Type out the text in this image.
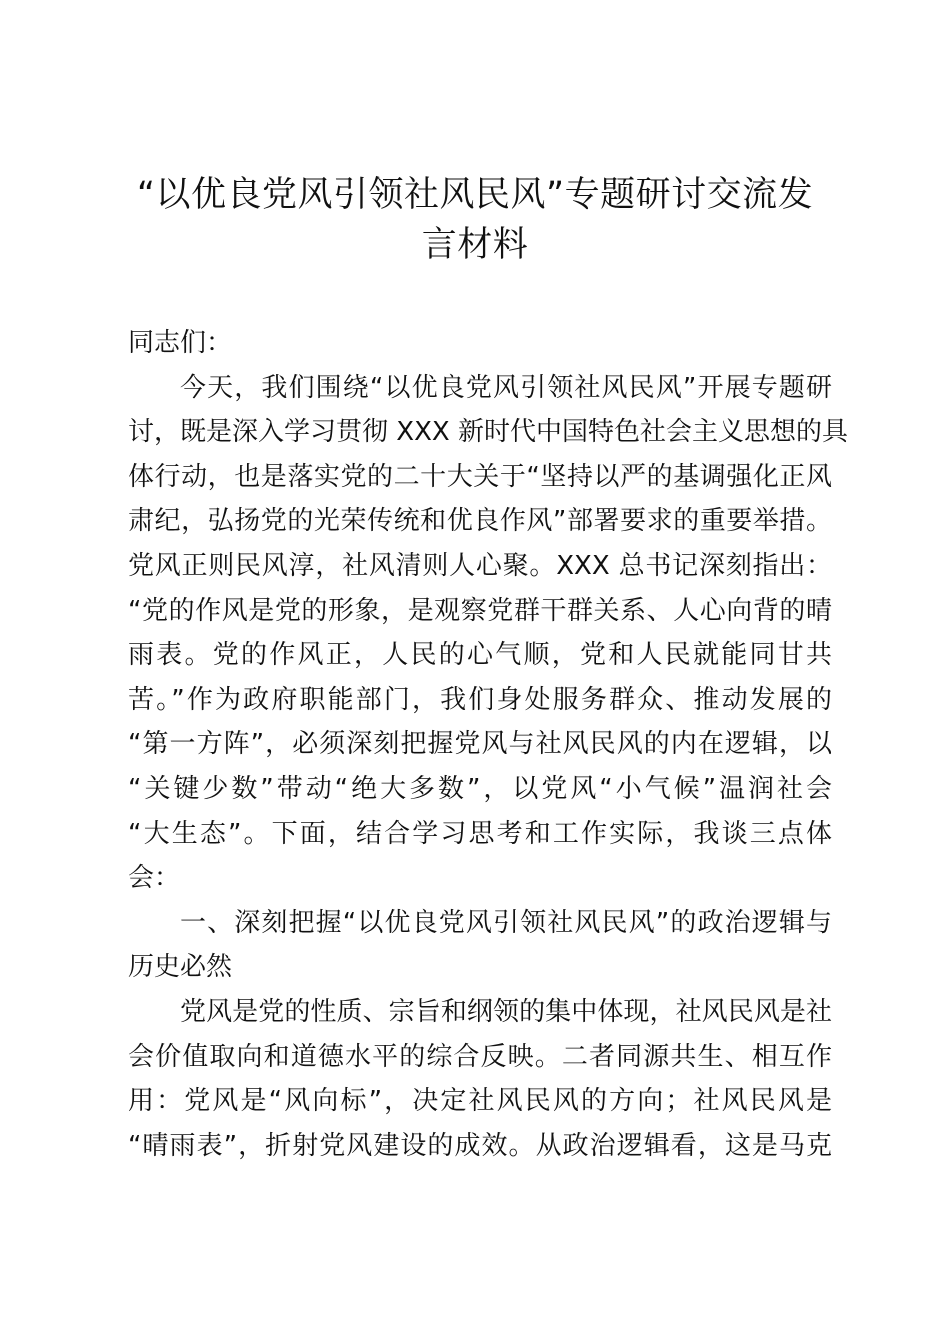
“以优良党风引领社风民风”专题研讨交流发
言材料
同志们：
今天，我们围绕“以优良党风引领社风民风”开展专题研
讨，既是深入学习贯彻 XXX 新时代中国特色社会主义思想的具
体行动，也是落实党的二十大关于“坚持以严的基调强化正风
肃纪，弘扬党的光荣传统和优良作风”部署要求的重要举措。
党风正则民风淳，社风清则人心聚。XXX 总书记深刻指出：
“党的作风是党的形象，是观察党群干群关系、人心向背的晴
雨表。党的作风正，人民的心气顺，党和人民就能同甘共
苦。”作为政府职能部门，我们身处服务群众、推动发展的
“第一方阵”，必须深刻把握党风与社风民风的内在逻辑，以
“关键少数”带动“绝大多数”，以党风“小气候”温润社会
“大生态”。下面，结合学习思考和工作实际，我谈三点体
会：
一、深刻把握“以优良党风引领社风民风”的政治逻辑与
历史必然
党风是党的性质、宗旨和纲领的集中体现，社风民风是社
会价值取向和道德水平的综合反映。二者同源共生、相互作
用：党风是“风向标”，决定社风民风的方向；社风民风是
“晴雨表”，折射党风建设的成效。从政治逻辑看，这是马克
